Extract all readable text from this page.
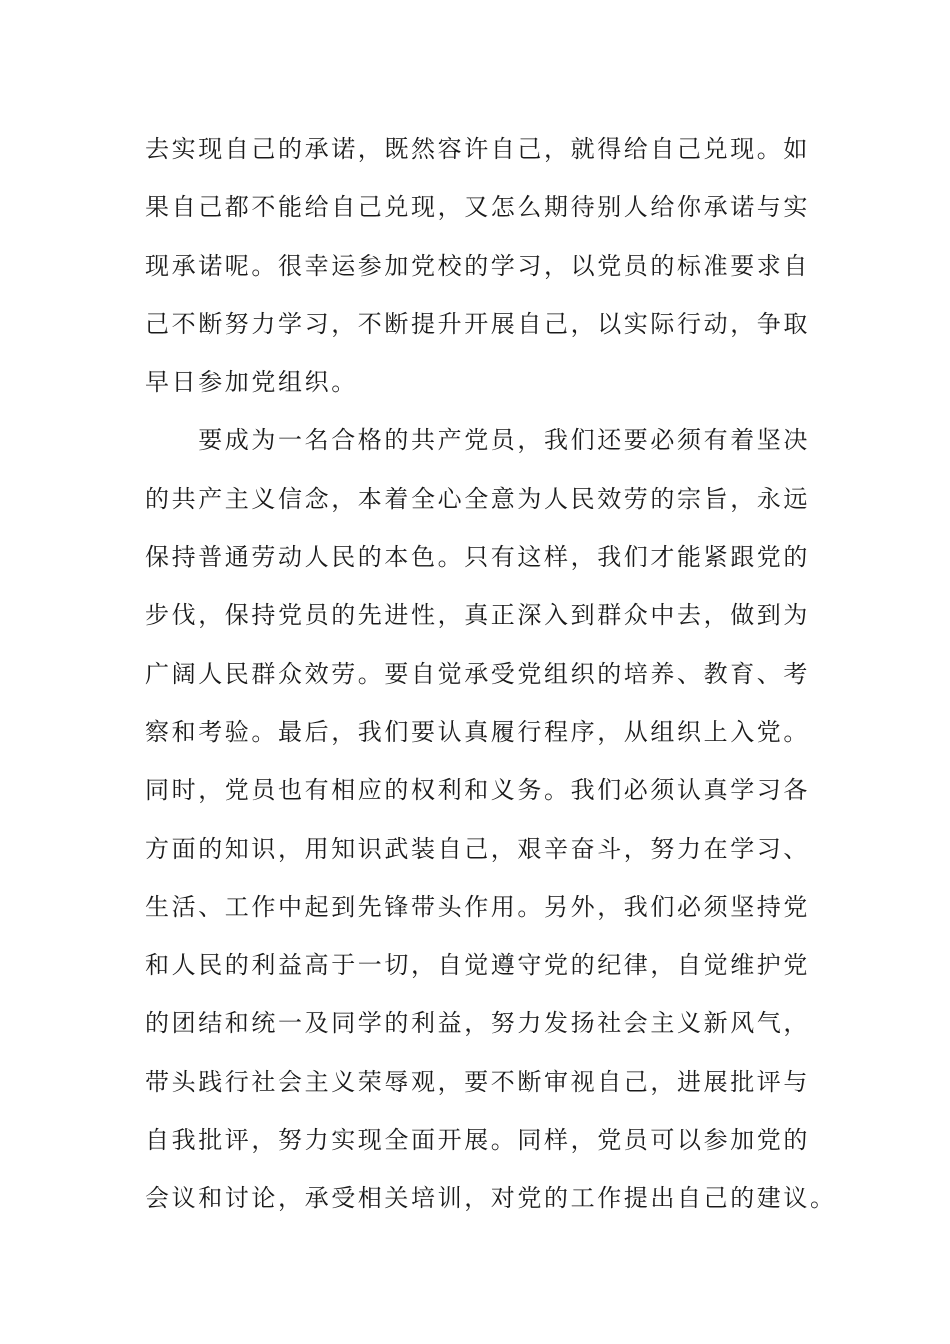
去实现自己的承诺，既然容许自己，就得给自己兑现。如
果自己都不能给自己兑现，又怎么期待别人给你承诺与实
现承诺呢。很幸运参加党校的学习，以党员的标准要求自
己不断努力学习，不断提升开展自己，以实际行动，争取
早日参加党组织。
　　要成为一名合格的共产党员，我们还要必须有着坚决
的共产主义信念，本着全心全意为人民效劳的宗旨，永远
保持普通劳动人民的本色。只有这样，我们才能紧跟党的
步伐，保持党员的先进性，真正深入到群众中去，做到为
广阔人民群众效劳。要自觉承受党组织的培养、教育、考
察和考验。最后，我们要认真履行程序，从组织上入党。
同时，党员也有相应的权利和义务。我们必须认真学习各
方面的知识，用知识武装自己，艰辛奋斗，努力在学习、
生活、工作中起到先锋带头作用。另外，我们必须坚持党
和人民的利益高于一切，自觉遵守党的纪律，自觉维护党
的团结和统一及同学的利益，努力发扬社会主义新风气，
带头践行社会主义荣辱观，要不断审视自己，进展批评与
自我批评，努力实现全面开展。同样，党员可以参加党的
会议和讨论，承受相关培训，对党的工作提出自己的建议。
